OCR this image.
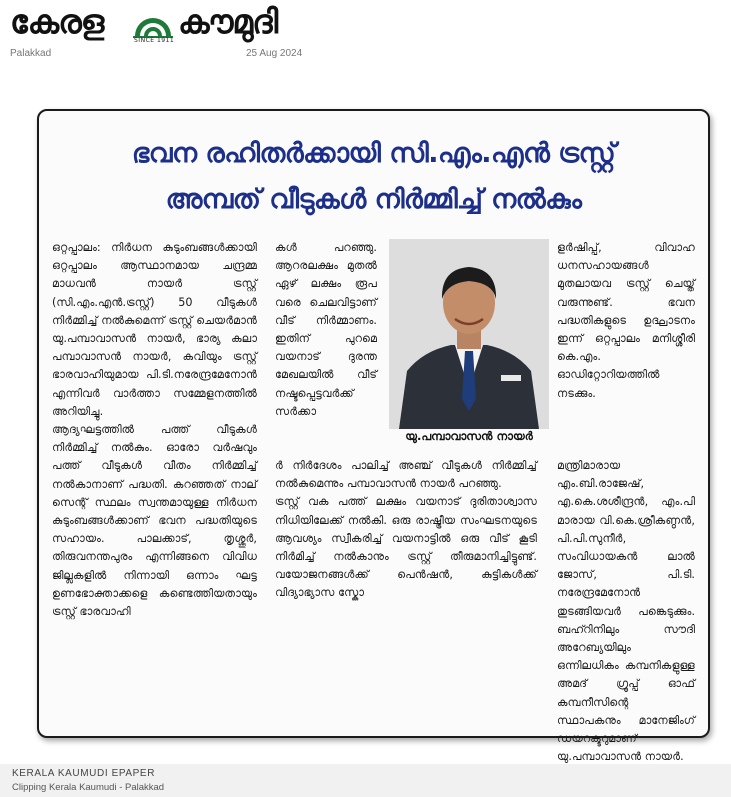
കേരള	SINCE 1911 കൗമുദി
Palakkad	25 Aug 2024
ഭവന രഹിതർക്കായി സി.എം.എൻ ട്രസ്റ്റ്
അമ്പത് വീടുകൾ നിർമ്മിച്ച് നൽകും

ഒറ്റപ്പാലം: നിർധന കുടുംബങ്ങൾക്കായി ഒറ്റപ്പാലം ആസ്ഥാനമായ ചന്ദ്രമ്മ മാധവൻ നായർ ട്രസ്റ്റ് (സി.എം.എൻ.ട്രസ്റ്റ്) 50 വീടുകൾ നിർമ്മിച്ച് നൽകുമെന്ന് ട്രസ്റ്റ് ചെയർമാൻ യു.പമ്പാവാസൻ നായർ, ഭാര്യ കലാ പമ്പാവാസൻ നായർ, കവിയും ട്രസ്റ്റ് ഭാരവാഹിയുമായ പി.ടി.നരേന്ദ്രമേനോൻ എന്നിവർ വാർത്താ സമ്മേളനത്തിൽ അറിയിച്ചു.

ആദ്യഘട്ടത്തിൽ പത്ത് വീടുകൾ നിർമ്മിച്ച് നൽകും. ഓരോ വർഷവും പത്ത് വീടുകൾ വീതം നിർമ്മിച്ച് നൽകാനാണ് പദ്ധതി. കറഞ്ഞത് നാല് സെന്റ് സ്ഥലം സ്വന്തമായുള്ള നിർധന കുടുംബങ്ങൾക്കാണ് ഭവന പദ്ധതിയുടെ സഹായം. പാലക്കാട്, തൃശ്ശൂർ, തിരുവനന്തപുരം എന്നിങ്ങനെ വിവിധ ജില്ലകളിൽ നിന്നായി ഒന്നാം ഘട്ട ഉണഭോക്താക്കളെ കണ്ടെത്തിയതായും ട്രസ്റ്റ് ഭാരവാഹി

കൾ പറഞ്ഞു. ആറരലക്ഷം മുതൽ ഏഴ് ലക്ഷം രൂപ വരെ ചെലവിട്ടാണ് വീട് നിർമ്മാണം. ഇതിന് പുറമെ വയനാട് ദുരന്ത മേഖലയിൽ വീട് നഷ്ടപ്പെട്ടവർക്ക് സർക്കാ

യു.പമ്പാവാസൻ നായർ

ളർഷിപ്പ്, വിവാഹ ധനസഹായങ്ങൾ മുതലായവ ട്രസ്റ്റ് ചെയ്ത് വരുന്നുണ്ട്. ഭവന പദ്ധതികളുടെ ഉദ്ഘാടനം ഇന്ന് ഒറ്റപ്പാലം മനിശ്ശീരി കെ.എം. ഓഡിറ്റോറിയത്തിൽ നടക്കും.

ർ നിർദേശം പാലിച്ച് അഞ്ച് വീടുകൾ നിർമ്മിച്ച് നൽകുമെന്നും പമ്പാവാസൻ നായർ പറഞ്ഞു.

ട്രസ്റ്റ് വക പത്ത് ലക്ഷം വയനാട് ദുരിതാശ്വാസ നിധിയിലേക്ക് നൽകി. ഒരു രാഷ്ട്രീയ സംഘടനയുടെ ആവശ്യം സ്വീകരിച്ച് വയനാട്ടിൽ ഒരു വീട് കൂടി നിർമിച്ച് നൽകാനും ട്രസ്റ്റ് തീരുമാനിച്ചിട്ടുണ്ട്. വയോജനങ്ങൾക്ക് പെൻഷൻ, കുട്ടികൾക്ക് വിദ്യാഭ്യാസ സ്കോ

മന്ത്രിമാരായ എം.ബി.രാജേഷ്, എ.കെ.ശശീന്ദ്രൻ, എം.പി മാരായ വി.കെ.ശ്രീകണ്ഠൻ, പി.പി.സുനീർ, സംവിധായകൻ ലാൽ ജോസ്, പി.ടി. നരേന്ദ്രമേനോൻ തുടങ്ങിയവർ പങ്കെടുക്കും. ബഹ്റിനിലും സൗദി അറേബ്യയിലും ഒന്നിലധികം കമ്പനികളുള്ള അമദ് ഗ്രൂപ്പ് ഓഫ് കമ്പനീസിന്റെ സ്ഥാപകനും മാനേജിംഗ് ഡയറക്ടറുമാണ് യു.പമ്പാവാസൻ നായർ.

KERALA KAUMUDI EPAPER
Clipping Kerala Kaumudi - Palakkad
